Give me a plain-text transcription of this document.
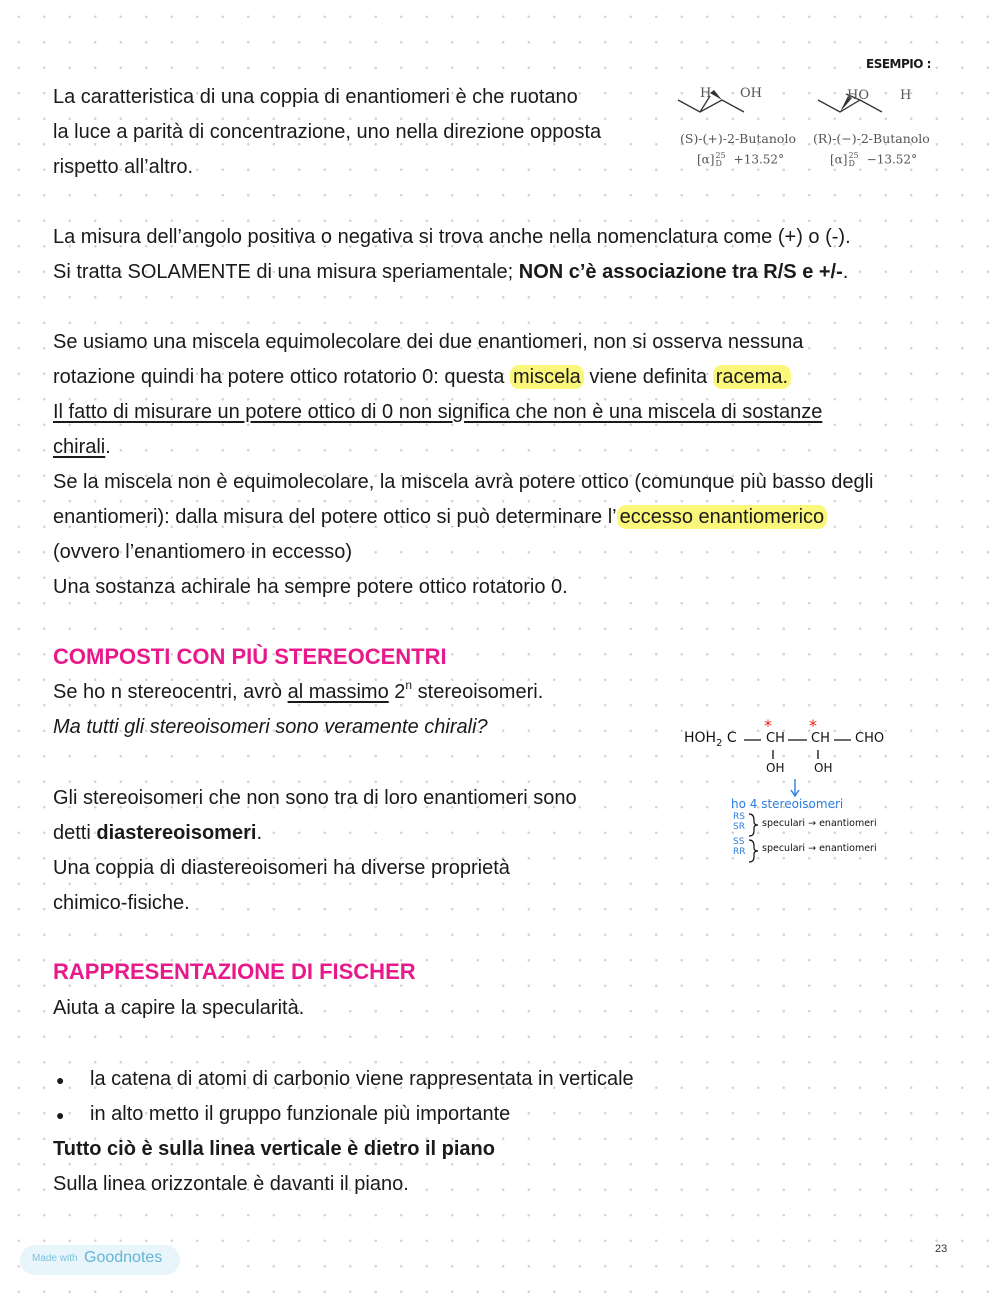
ESEMPIO :
H OH	HO H
(S)-(+)-2-Butanolo (R)-(−)-2-Butanolo
[α]25
D +13.52°	[α]25
D −13.52°
La caratteristica di una coppia di enantiomeri è che ruotano
la luce a parità di concentrazione, uno nella direzione opposta
rispetto all’altro.
La misura dell’angolo positiva o negativa si trova anche nella nomenclatura come (+) o (-).
Si tratta SOLAMENTE di una misura speriamentale; NON c’è associazione tra R/S e +/-.
Se usiamo una miscela equimolecolare dei due enantiomeri, non si osserva nessuna
rotazione quindi ha potere ottico rotatorio 0: questa miscela viene definita racema.
Il fatto di misurare un potere ottico di 0 non significa che non è una miscela di sostanze
chirali.
Se la miscela non è equimolecolare, la miscela avrà potere ottico (comunque più basso degli
enantiomeri): dalla misura del potere ottico si può determinare l’ eccesso enantiomerico
(ovvero l’enantiomero in eccesso)
Una sostanza achirale ha sempre potere ottico rotatorio 0.
COMPOSTI CON PIÙ STEREOCENTRI
Se ho n stereocentri, avrò al massimo 2$^n$ stereoisomeri.
Ma tutti gli stereoisomeri sono veramente chirali?
Gli stereoisomeri che non sono tra di loro enantiomeri sono
detti diastereoisomeri.
Una coppia di diastereoisomeri ha diverse proprietà
chimico-fisiche.
$HOH_2$ C CH CH CHO
* *
OH OH
ho 4 stereoisomeri
RS
SR
SS
RR
speculari → enantiomeri
speculari → enantiomeri
RAPPRESENTAZIONE DI FISCHER
Aiuta a capire la specularità.
● la catena di atomi di carbonio viene rappresentata in verticale
● in alto metto il gruppo funzionale più importante
Tutto ciò è sulla linea verticale è dietro il piano
Sulla linea orizzontale è davanti il piano.
Made with Goodnotes	23
